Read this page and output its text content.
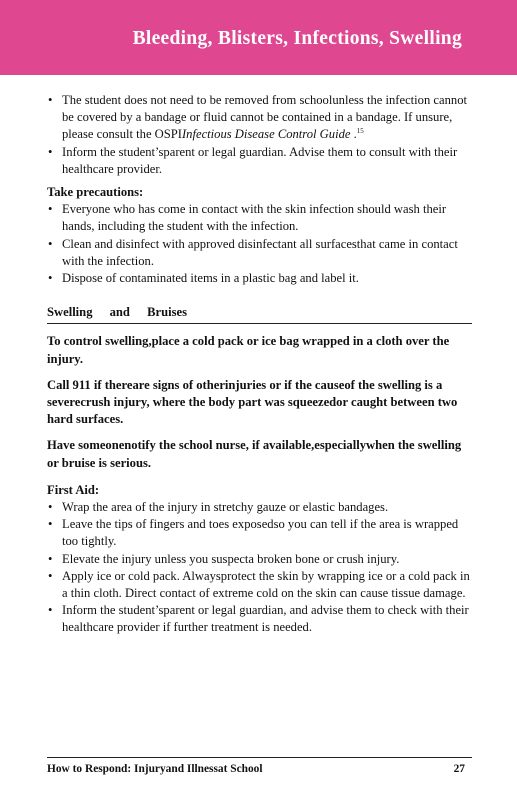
Bleeding, Blisters, Infections, Swelling
• The student does not need to be removed from schoolunless the infection cannot be covered by a bandage or fluid cannot be contained in a bandage. If unsure, please consult the OSPIInfectious Disease Control Guide .$^{15}$
• Inform the student’sparent or legal guardian. Advise them to consult with their healthcare provider.
Take precautions:
• Everyone who has come in contact with the skin infection should wash their hands, including the student with the infection.
• Clean and disinfect with approved disinfectant all surfacesthat came in contact with the infection.
• Dispose of contaminated items in a plastic bag and label it.
Swelling and Bruises
To control swelling,place a cold pack or ice bag wrapped in a cloth over the injury.
Call 911 if thereare signs of otherinjuries or if the causeof the swelling is a severecrush injury, where the body part was squeezedor caught between two hard surfaces.
Have someonenotify the school nurse, if available,especiallywhen the swelling or bruise is serious.
First Aid:
• Wrap the area of the injury in stretchy gauze or elastic bandages.
• Leave the tips of fingers and toes exposedso you can tell if the area is wrapped too tightly.
• Elevate the injury unless you suspecta broken bone or crush injury.
• Apply ice or cold pack. Alwaysprotect the skin by wrapping ice or a cold pack in a thin cloth. Direct contact of extreme cold on the skin can cause tissue damage.
• Inform the student’sparent or legal guardian, and advise them to check with their healthcare provider if further treatment is needed.
How to Respond: Injuryand Illnessat School	27
